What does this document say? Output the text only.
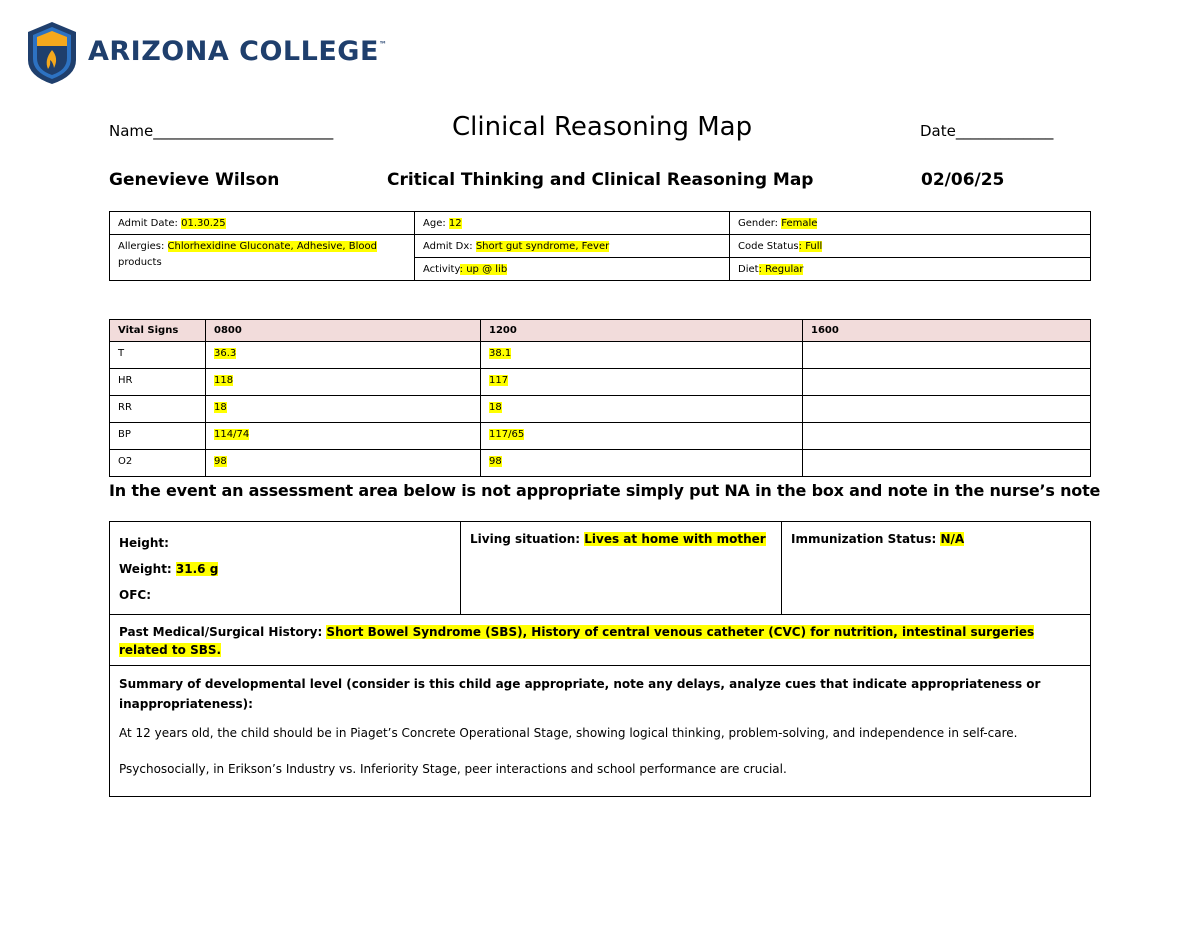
ARIZONA COLLEGE™
Name________________________	Clinical Reasoning Map	Date_____________
Genevieve Wilson	Critical Thinking and Clinical Reasoning Map	02/06/25
Admit Date: 01.30.25	Age: 12	Gender: Female
Allergies: Chlorhexidine Gluconate, Adhesive, Blood
products	Admit Dx: Short gut syndrome, Fever	Code Status: Full
	Activity: up @ lib	Diet: Regular
Vital Signs	0800	1200	1600
T	36.3	38.1	
HR	118	117	
RR	18	18	
BP	114/74	117/65	
O2	98	98	
In the event an assessment area below is not appropriate simply put NA in the box and note in the nurse’s note

Height:

Weight: 31.6 g

OFC:

Living situation: Lives at home with mother	Immunization Status: N/A

Past Medical/Surgical History: Short Bowel Syndrome (SBS), History of central venous catheter (CVC) for nutrition, intestinal surgeries related to SBS.

Summary of developmental level (consider is this child age appropriate, note any delays, analyze cues that indicate appropriateness or inappropriateness):

At 12 years old, the child should be in Piaget’s Concrete Operational Stage, showing logical thinking, problem-solving, and independence in self-care.

Psychosocially, in Erikson’s Industry vs. Inferiority Stage, peer interactions and school performance are crucial.
